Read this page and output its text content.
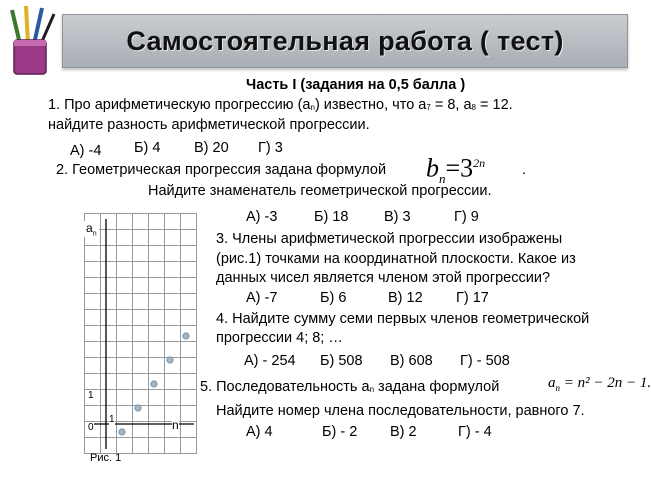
Самостоятельная работа ( тест)
Часть I (задания на 0,5 балла )
1. Про арифметическую прогрессию $(а_n)$ известно, что $а_7 = 8$, $а_8 = 12$.
найдите разность арифметической прогрессии.
А) -4 Б) 4 В) 20 Г) 3
2. Геометрическая прогрессия задана формулой $b_n=3^{2n}$	.
Найдите знаменатель геометрической прогрессии.
А) -3	Б) 18 В) 3	Г) 9
3. Члены арифметической прогрессии изображены
(рис.1) точками на координатной плоскости. Какое из
данных чисел является членом этой прогрессии?
А) -7	Б) 6	В) 12 Г) 17
4. Найдите сумму семи первых членов геометрической
прогрессии 4; 8; …
А) - 254 Б) 508 В) 608 Г) - 508
5. Последовательность $а_n$ задана формулой	$a_n = n^2 - 2n - 1$.
Найдите номер члена последовательности, равного 7.
А) 4	Б) - 2 В) 2	Г) - 4
$a_n$
1
1
0	n
Рис. 1
